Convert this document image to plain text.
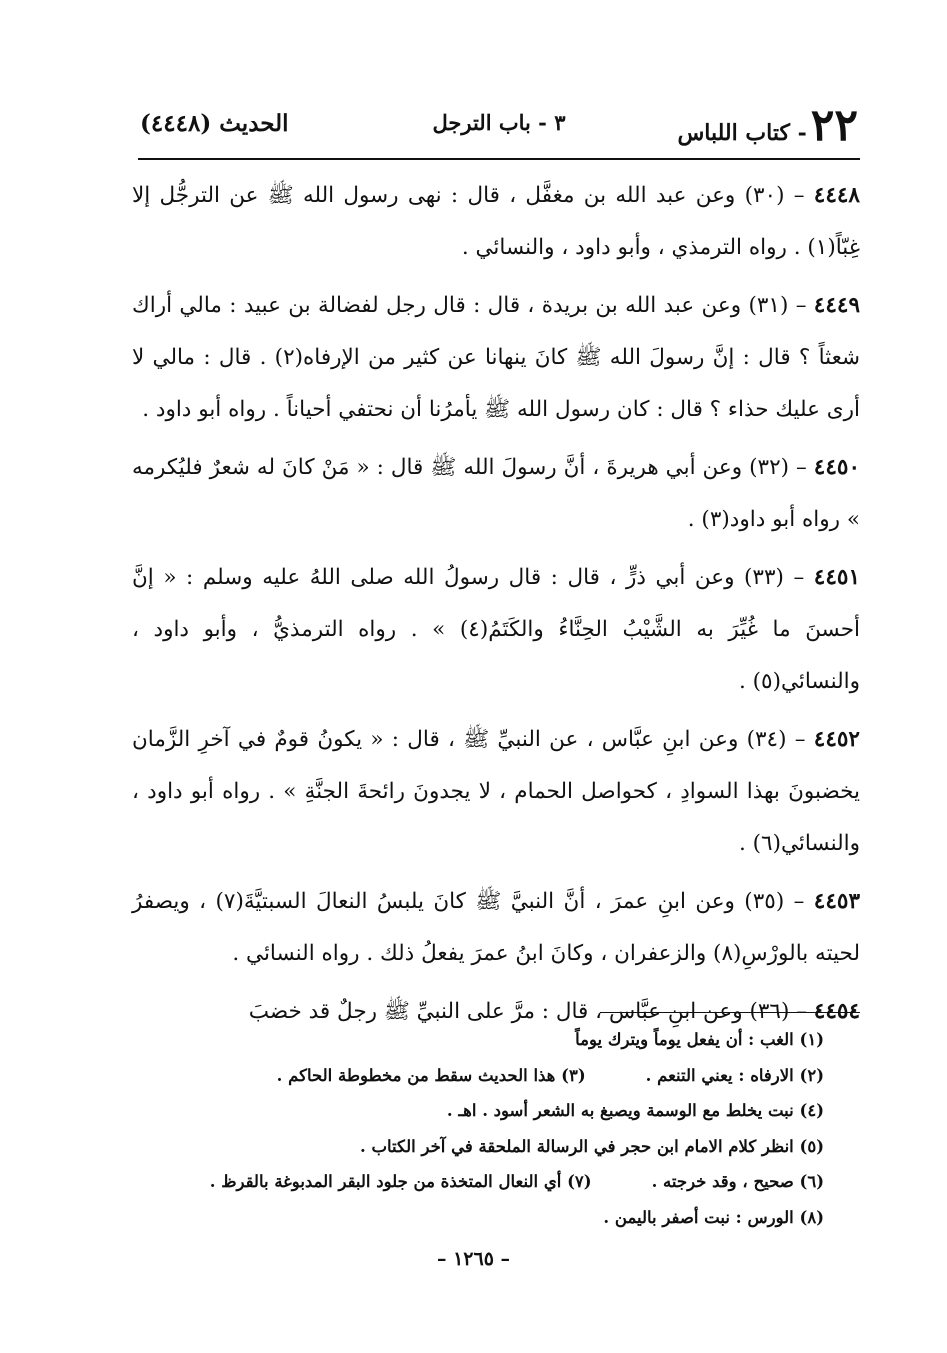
٢٢
- كتاب اللباس
٣ - باب الترجل
الحديث (٤٤٤٨)

٤٤٤٨ – (٣٠) وعن عبد الله بن مغفَّل ، قال : نهى رسول الله ﷺ عن الترجُّل إلا غِبّاً(١) . رواه الترمذي ، وأبو داود ، والنسائي .

٤٤٤٩ – (٣١) وعن عبد الله بن بريدة ، قال : قال رجل لفضالة بن عبيد : مالي أراك شعثاً ؟ قال : إنَّ رسولَ الله ﷺ كانَ ينهانا عن كثير من الإرفاه(٢) . قال : مالي لا أرى عليك حذاء ؟ قال : كان رسول الله ﷺ يأمرُنا أن نحتفي أحياناً . رواه أبو داود .

٤٤٥٠ – (٣٢) وعن أبي هريرةَ ، أنَّ رسولَ الله ﷺ قال : « مَنْ كانَ له شعرٌ فليُكرمه » رواه أبو داود(٣) .

٤٤٥١ – (٣٣) وعن أبي ذرٍّ ، قال : قال رسولُ الله صلى اللهُ عليه وسلم : « إنَّ أحسنَ ما غُيِّرَ به الشَّيْبُ الحِنَّاءُ والكَتَمُ(٤) » . رواه الترمذيُّ ، وأبو داود ، والنسائي(٥) .

٤٤٥٢ – (٣٤) وعن ابنِ عبَّاس ، عن النبيِّ ﷺ ، قال : « يكونُ قومٌ في آخرِ الزَّمان يخضبونَ بهذا السوادِ ، كحواصل الحمام ، لا يجدونَ رائحةَ الجنَّةِ » . رواه أبو داود ، والنسائي(٦) .

٤٤٥٣ – (٣٥) وعن ابنِ عمرَ ، أنَّ النبيَّ ﷺ كانَ يلبسُ النعالَ السبتيَّةَ(٧) ، ويصفرُ لحيته بالورْسِ(٨) والزعفران ، وكانَ ابنُ عمرَ يفعلُ ذلك . رواه النسائي .

٤٤٥٤ – (٣٦) وعن ابنِ عبَّاس ، قال : مرَّ على النبيِّ ﷺ رجلٌ قد خضبَ

(١) الغب : أن يفعل يوماً ويترك يوماً
(٢) الارفاه : يعني التنعم .
(٣) هذا الحديث سقط من مخطوطة الحاكم .
(٤) نبت يخلط مع الوسمة ويصبغ به الشعر أسود . اهـ .
(٥) انظر كلام الامام ابن حجر في الرسالة الملحقة في آخر الكتاب .
(٦) صحيح ، وقد خرجته .
(٧) أي النعال المتخذة من جلود البقر المدبوغة بالقرظ .
(٨) الورس : نبت أصفر باليمن .
– ١٢٦٥ –
